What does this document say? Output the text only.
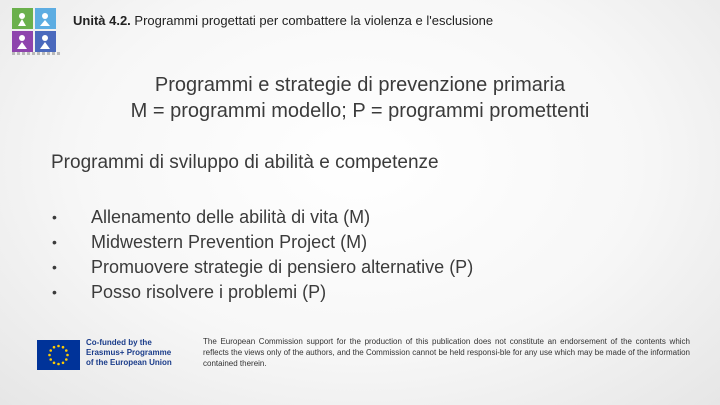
Unità 4.2. Programmi progettati per combattere la violenza e l'esclusione
Programmi e strategie di prevenzione primaria
M = programmi modello; P = programmi promettenti
Programmi di sviluppo di abilità e competenze
•	Allenamento delle abilità di vita (M)
•	Midwestern Prevention Project (M)
•	Promuovere strategie di pensiero alternative (P)
•	Posso risolvere i problemi (P)
Co-funded by the
Erasmus+ Programme
of the European Union
The European Commission support for the production of this publication does not constitute an endorsement of the contents which reflects the views only of the authors, and the Commission cannot be held responsi-ble for any use which may be made of the information contained therein.
